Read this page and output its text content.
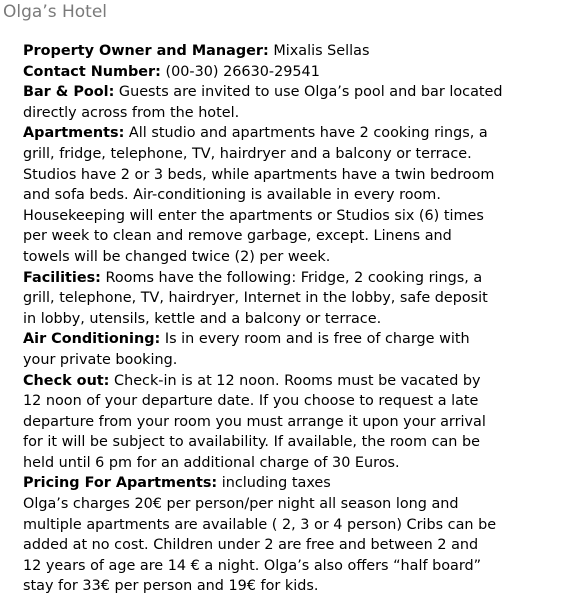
Olga’s Hotel
Property Owner and Manager: Mixalis Sellas
Contact Number: (00-30) 26630-29541
Bar & Pool: Guests are invited to use Olga’s pool and bar located
directly across from the hotel.
Apartments: All studio and apartments have 2 cooking rings, a
grill, fridge, telephone, TV, hairdryer and a balcony or terrace.
Studios have 2 or 3 beds, while apartments have a twin bedroom
and sofa beds. Air-conditioning is available in every room.
Housekeeping will enter the apartments or Studios six (6) times
per week to clean and remove garbage, except. Linens and
towels will be changed twice (2) per week.
Facilities: Rooms have the following: Fridge, 2 cooking rings, a
grill, telephone, TV, hairdryer, Internet in the lobby, safe deposit
in lobby, utensils, kettle and a balcony or terrace.
Air Conditioning: Is in every room and is free of charge with
your private booking.
Check out: Check-in is at 12 noon. Rooms must be vacated by
12 noon of your departure date. If you choose to request a late
departure from your room you must arrange it upon your arrival
for it will be subject to availability. If available, the room can be
held until 6 pm for an additional charge of 30 Euros.
Pricing For Apartments: including taxes
Olga’s charges 20€ per person/per night all season long and
multiple apartments are available ( 2, 3 or 4 person) Cribs can be
added at no cost. Children under 2 are free and between 2 and
12 years of age are 14 € a night. Olga’s also offers “half board”
stay for 33€ per person and 19€ for kids.
